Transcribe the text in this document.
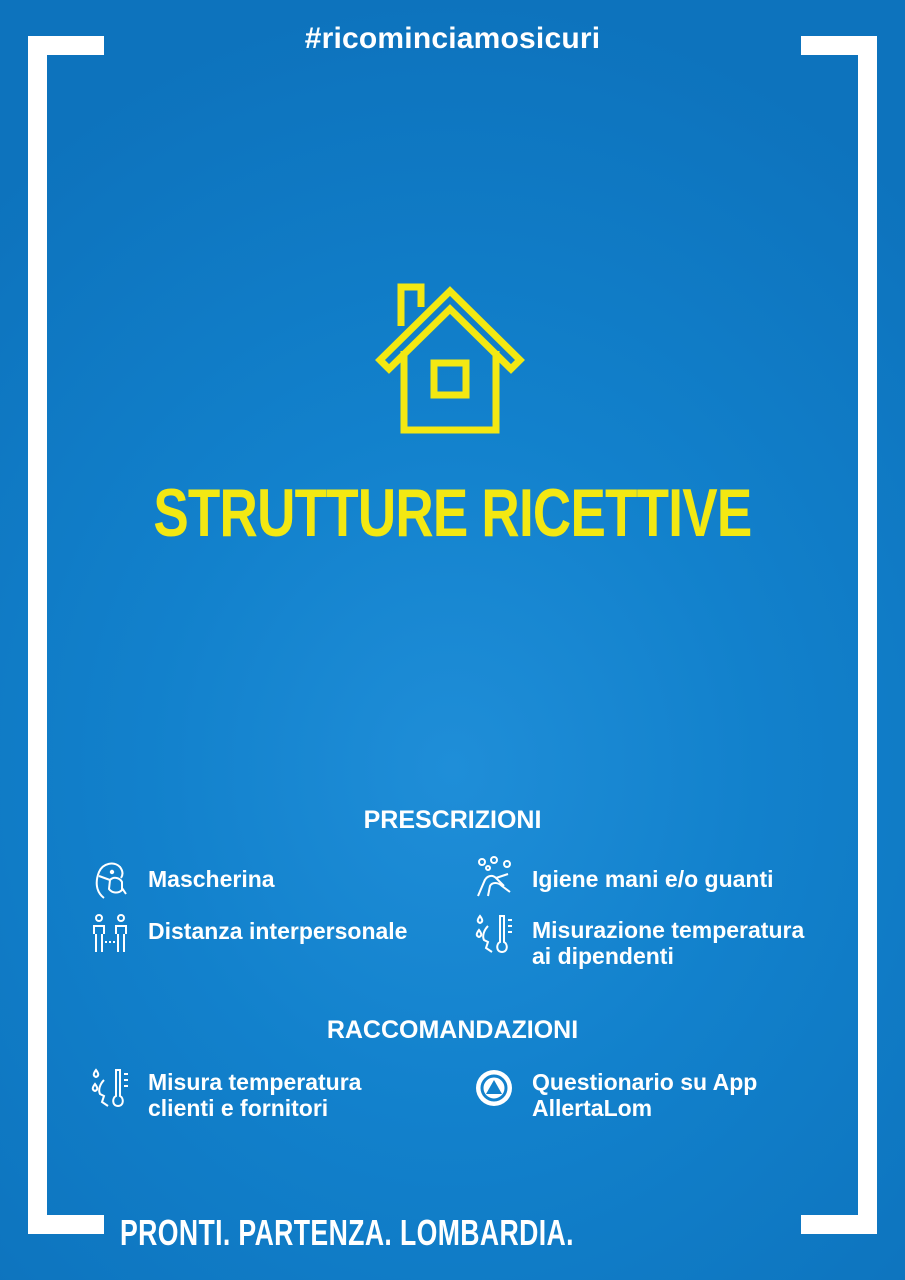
#ricominciamosicuri
STRUTTURE RICETTIVE
PRESCRIZIONI
Mascherina	Igiene mani e/o guanti
Distanza interpersonale	Misurazione temperatura
ai dipendenti
RACCOMANDAZIONI
Misura temperatura
clienti e fornitori
Questionario su App
AllertaLom
PRONTI. PARTENZA. LOMBARDIA.
